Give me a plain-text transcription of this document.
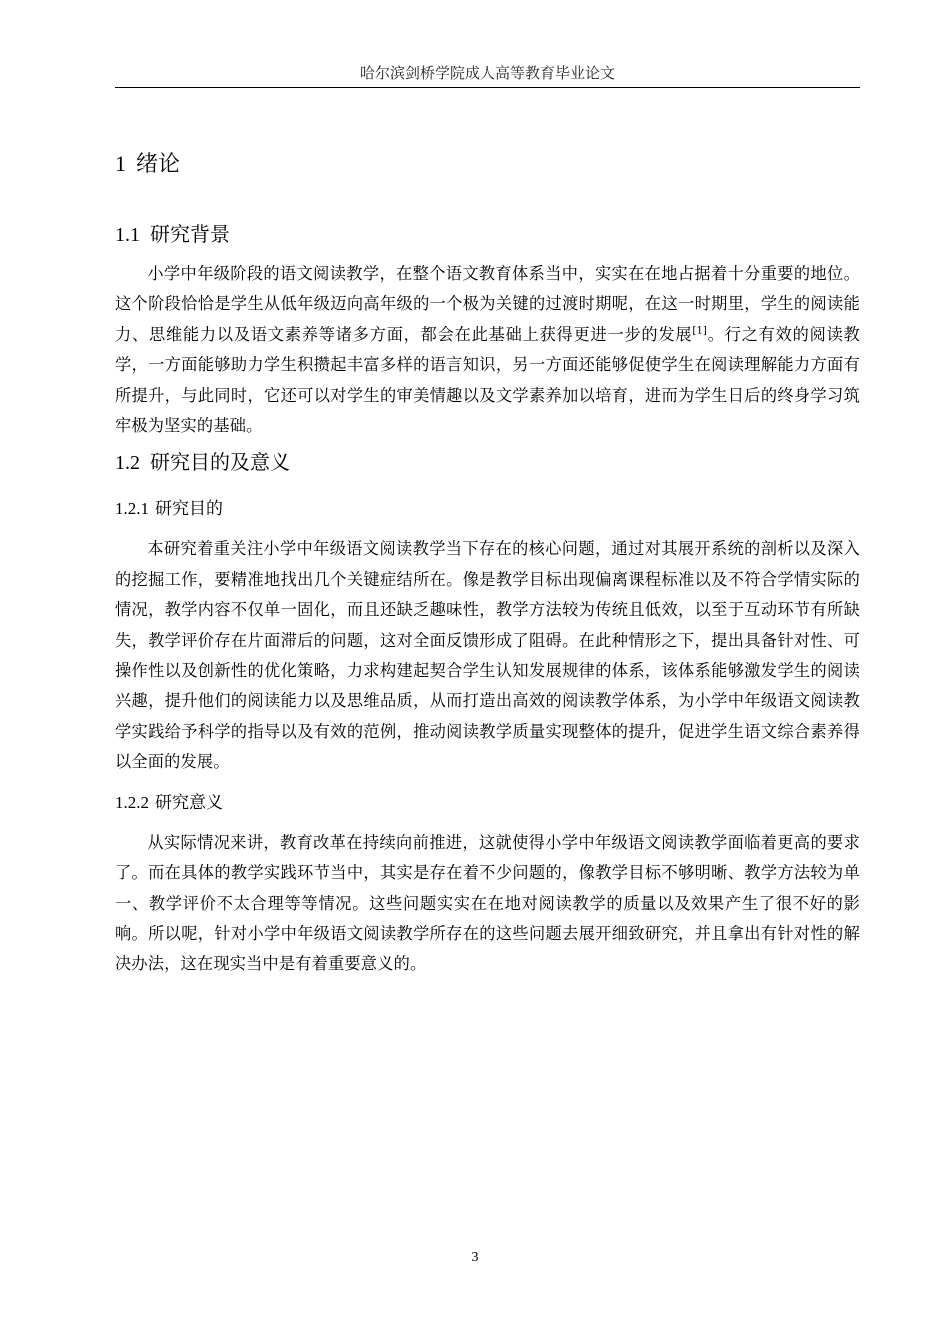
哈尔滨剑桥学院成人高等教育毕业论文
1 绪论
1.1 研究背景

小学中年级阶段的语文阅读教学，在整个语文教育体系当中，实实在在地占据着十分重要的地位。这个阶段恰恰是学生从低年级迈向高年级的一个极为关键的过渡时期呢，在这一时期里，学生的阅读能力、思维能力以及语文素养等诸多方面，都会在此基础上获得更进一步的发展[1]。行之有效的阅读教学，一方面能够助力学生积攒起丰富多样的语言知识，另一方面还能够促使学生在阅读理解能力方面有所提升，与此同时，它还可以对学生的审美情趣以及文学素养加以培育，进而为学生日后的终身学习筑牢极为坚实的基础。

1.2 研究目的及意义
1.2.1 研究目的

本研究着重关注小学中年级语文阅读教学当下存在的核心问题，通过对其展开系统的剖析以及深入的挖掘工作，要精准地找出几个关键症结所在。像是教学目标出现偏离课程标准以及不符合学情实际的情况，教学内容不仅单一固化，而且还缺乏趣味性，教学方法较为传统且低效，以至于互动环节有所缺失，教学评价存在片面滞后的问题，这对全面反馈形成了阻碍。在此种情形之下，提出具备针对性、可操作性以及创新性的优化策略，力求构建起契合学生认知发展规律的体系，该体系能够激发学生的阅读兴趣，提升他们的阅读能力以及思维品质，从而打造出高效的阅读教学体系，为小学中年级语文阅读教学实践给予科学的指导以及有效的范例，推动阅读教学质量实现整体的提升，促进学生语文综合素养得以全面的发展。

1.2.2 研究意义

从实际情况来讲，教育改革在持续向前推进，这就使得小学中年级语文阅读教学面临着更高的要求了。而在具体的教学实践环节当中，其实是存在着不少问题的，像教学目标不够明晰、教学方法较为单一、教学评价不太合理等等情况。这些问题实实在在地对阅读教学的质量以及效果产生了很不好的影响。所以呢，针对小学中年级语文阅读教学所存在的这些问题去展开细致研究，并且拿出有针对性的解决办法，这在现实当中是有着重要意义的。

3
